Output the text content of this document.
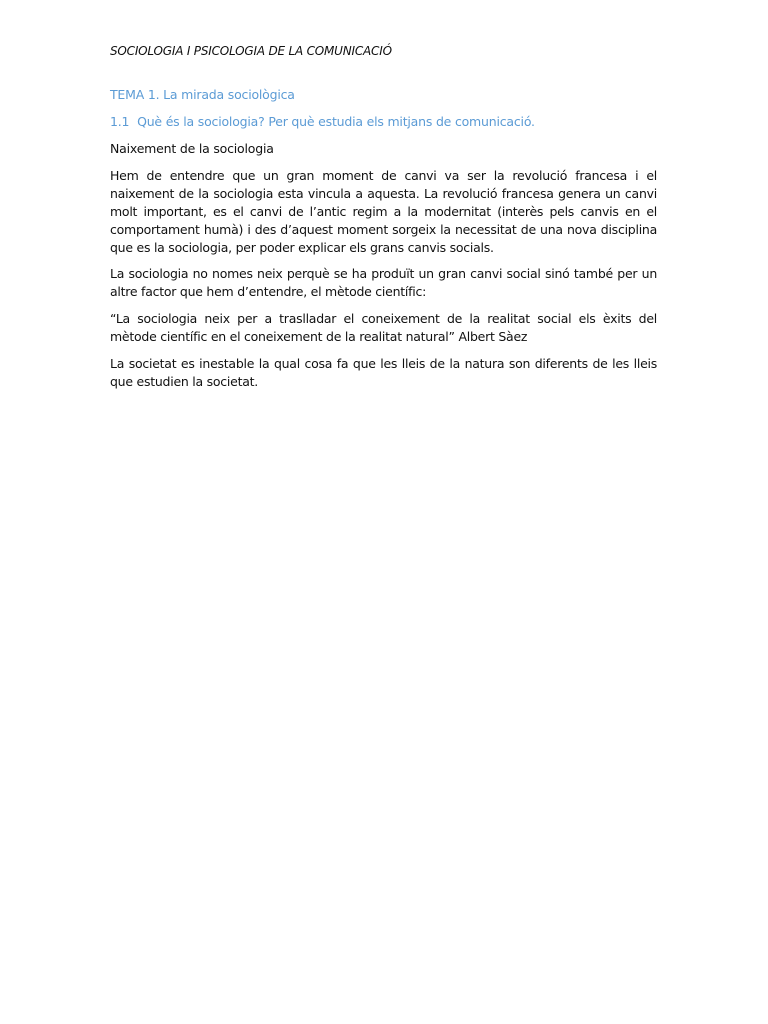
SOCIOLOGIA I PSICOLOGIA DE LA COMUNICACIÓ
TEMA 1. La mirada sociològica
1.1 Què és la sociologia? Per què estudia els mitjans de comunicació.
Naixement de la sociologia

Hem de entendre que un gran moment de canvi va ser la revolució francesa i el naixement de la sociologia esta vincula a aquesta. La revolució francesa genera un canvi molt important, es el canvi de l’antic regim a la modernitat (interès pels canvis en el comportament humà) i des d’aquest moment sorgeix la necessitat de una nova disciplina que es la sociologia, per poder explicar els grans canvis socials.

La sociologia no nomes neix perquè se ha produït un gran canvi social sinó també per un altre factor que hem d’entendre, el mètode científic:

“La sociologia neix per a traslladar el coneixement de la realitat social els èxits del mètode científic en el coneixement de la realitat natural” Albert Sàez

La societat es inestable la qual cosa fa que les lleis de la natura son diferents de les lleis que estudien la societat.
